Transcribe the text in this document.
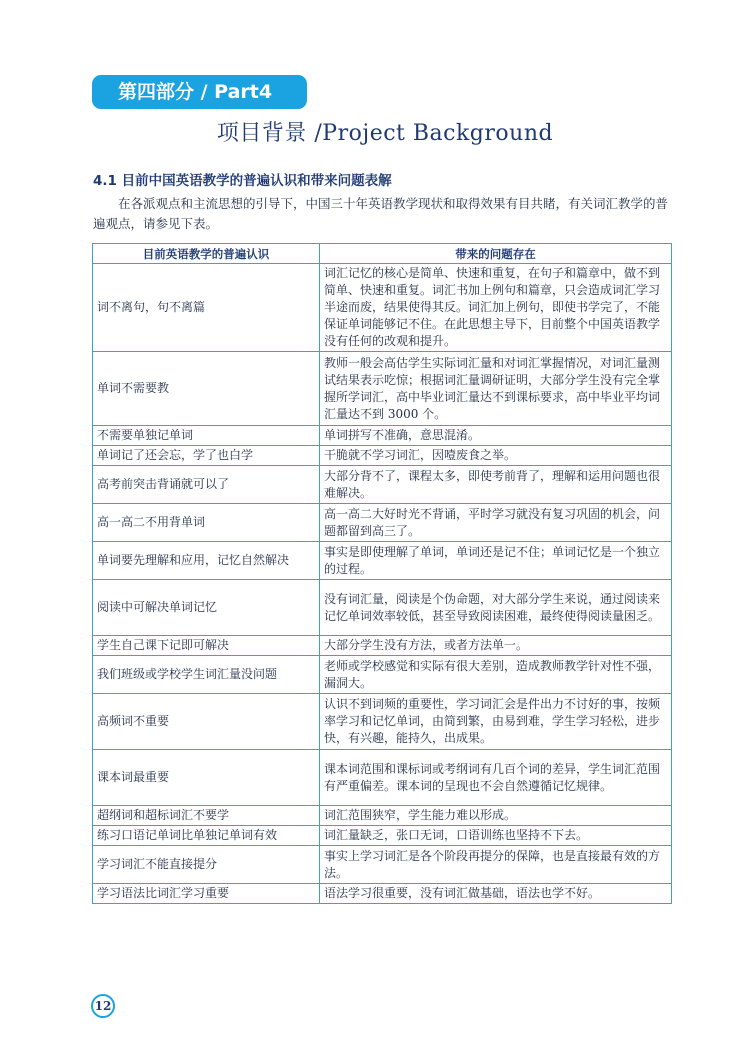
第四部分 / Part4
项目背景 /Project Background
4.1 目前中国英语教学的普遍认识和带来问题表解

在各派观点和主流思想的引导下，中国三十年英语教学现状和取得效果有目共睹，有关词汇教学的普遍观点，请参见下表。

目前英语教学的普遍认识	带来的问题存在
词不离句，句不离篇	词汇记忆的核心是简单、快速和重复，在句子和篇章中，做不到简单、快速和重复。词汇书加上例句和篇章，只会造成词汇学习半途而废，结果使得其反。词汇加上例句，即使书学完了，不能保证单词能够记不住。在此思想主导下，目前整个中国英语教学没有任何的改观和提升。
单词不需要教	教师一般会高估学生实际词汇量和对词汇掌握情况，对词汇量测试结果表示吃惊；根据词汇量调研证明，大部分学生没有完全掌握所学词汇，高中毕业词汇量达不到课标要求，高中毕业平均词汇量达不到 3000 个。
不需要单独记单词	单词拼写不准确，意思混淆。
单词记了还会忘，学了也白学	干脆就不学习词汇，因噎废食之举。
高考前突击背诵就可以了	大部分背不了，课程太多，即使考前背了，理解和运用问题也很难解决。
高一高二不用背单词	高一高二大好时光不背诵，平时学习就没有复习巩固的机会，问题都留到高三了。
单词要先理解和应用，记忆自然解决	事实是即使理解了单词，单词还是记不住；单词记忆是一个独立的过程。
阅读中可解决单词记忆	没有词汇量，阅读是个伪命题，对大部分学生来说，通过阅读来记忆单词效率较低，甚至导致阅读困难，最终使得阅读量困乏。
学生自己课下记即可解决	大部分学生没有方法，或者方法单一。
我们班级或学校学生词汇量没问题	老师或学校感觉和实际有很大差别，造成教师教学针对性不强，漏洞大。
高频词不重要	认识不到词频的重要性，学习词汇会是件出力不讨好的事，按频率学习和记忆单词，由简到繁，由易到难，学生学习轻松，进步快，有兴趣，能持久，出成果。
课本词最重要	课本词范围和课标词或考纲词有几百个词的差异，学生词汇范围有严重偏差。课本词的呈现也不会自然遵循记忆规律。
超纲词和超标词汇不要学	词汇范围狭窄，学生能力难以形成。
练习口语记单词比单独记单词有效	词汇量缺乏，张口无词，口语训练也坚持不下去。
学习词汇不能直接提分	事实上学习词汇是各个阶段再提分的保障，也是直接最有效的方法。
学习语法比词汇学习重要	语法学习很重要，没有词汇做基础，语法也学不好。
12
